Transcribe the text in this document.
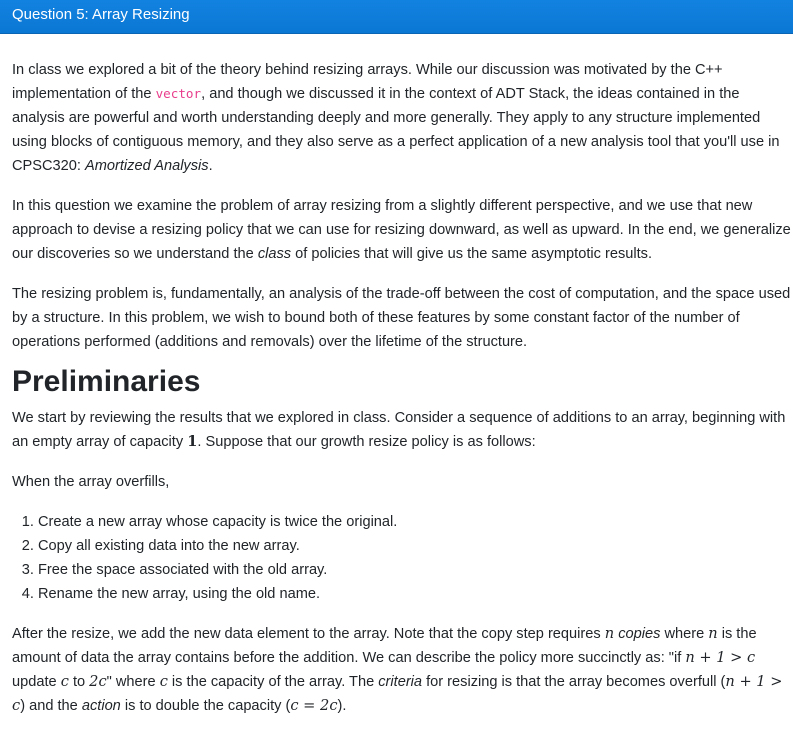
Question 5: Array Resizing

In class we explored a bit of the theory behind resizing arrays. While our discussion was motivated by the C++ implementation of the vector, and though we discussed it in the context of ADT Stack, the ideas contained in the analysis are powerful and worth understanding deeply and more generally. They apply to any structure implemented using blocks of contiguous memory, and they also serve as a perfect application of a new analysis tool that you'll use in CPSC320: Amortized Analysis.

In this question we examine the problem of array resizing from a slightly different perspective, and we use that new approach to devise a resizing policy that we can use for resizing downward, as well as upward. In the end, we generalize our discoveries so we understand the class of policies that will give us the same asymptotic results.

The resizing problem is, fundamentally, an analysis of the trade-off between the cost of computation, and the space used by a structure. In this problem, we wish to bound both of these features by some constant factor of the number of operations performed (additions and removals) over the lifetime of the structure.

Preliminaries

We start by reviewing the results that we explored in class. Consider a sequence of additions to an array, beginning with an empty array of capacity 1. Suppose that our growth resize policy is as follows:

When the array overfills,

1. Create a new array whose capacity is twice the original.
2. Copy all existing data into the new array.
3. Free the space associated with the old array.
4. Rename the new array, using the old name.

After the resize, we add the new data element to the array. Note that the copy step requires n copies where n is the amount of data the array contains before the addition. We can describe the policy more succinctly as: "if n + 1 > c update c to 2c" where c is the capacity of the array. The criteria for resizing is that the array becomes overfull (n + 1 > c) and the action is to double the capacity (c = 2c).
